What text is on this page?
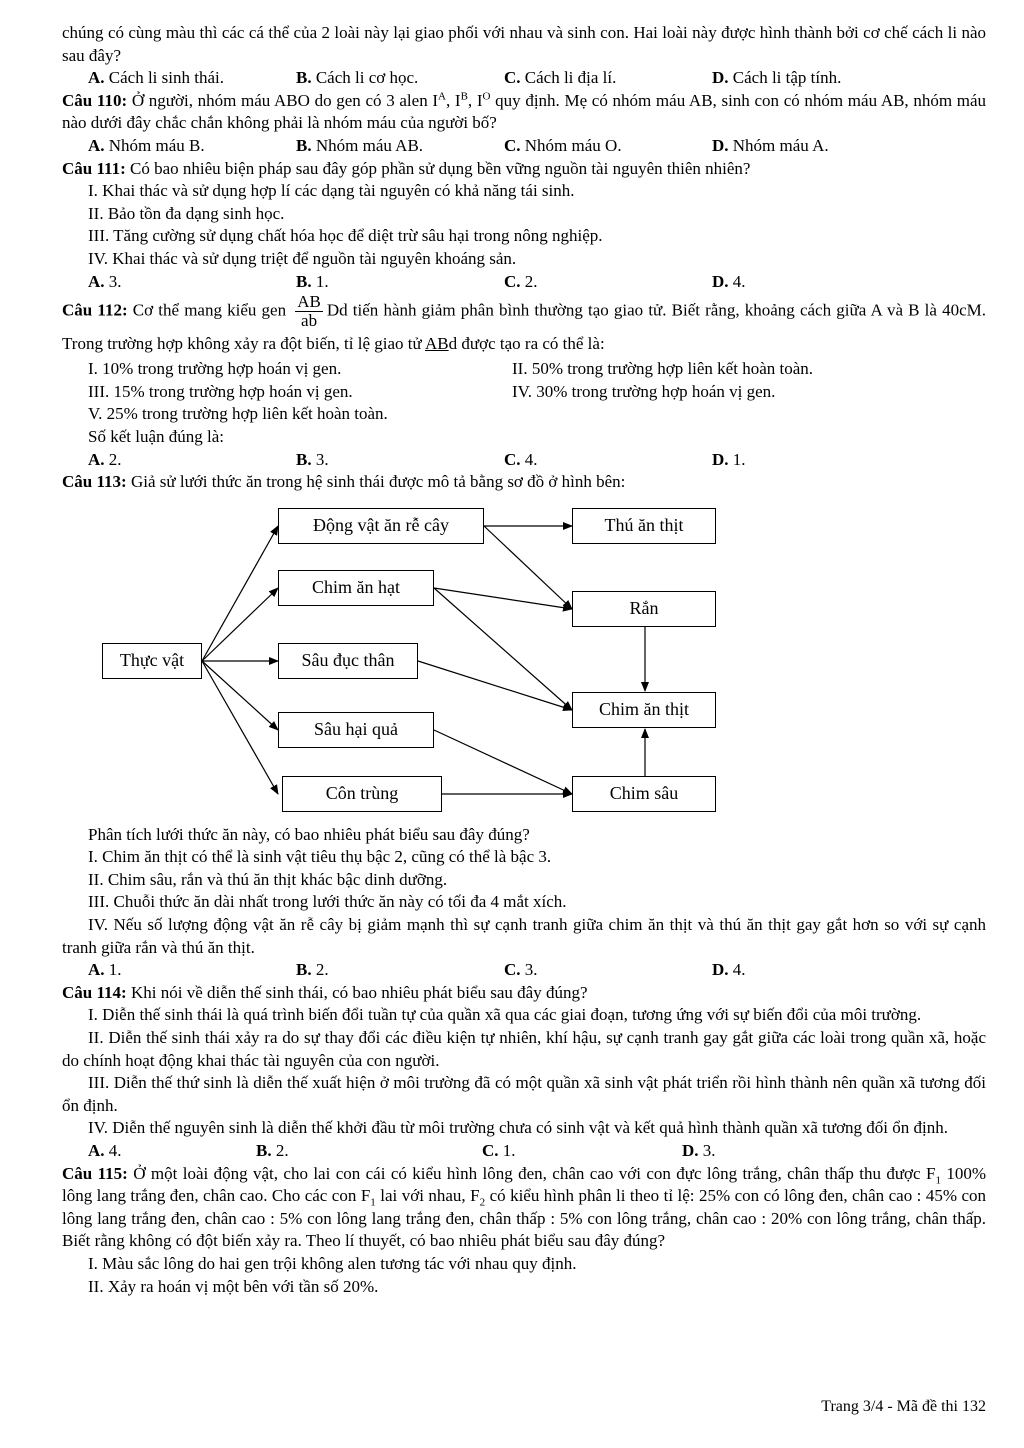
chúng có cùng màu thì các cá thể của 2 loài này lại giao phối với nhau và sinh con. Hai loài này được hình thành bởi cơ chế cách li nào sau đây?

A. Cách li sinh thái.	B. Cách li cơ học.	C. Cách li địa lí.	D. Cách li tập tính.

Câu 110: Ở người, nhóm máu ABO do gen có 3 alen $I^A$, $I^B$, $I^O$ quy định. Mẹ có nhóm máu AB, sinh con có nhóm máu AB, nhóm máu nào dưới đây chắc chắn không phải là nhóm máu của người bố?

A. Nhóm máu B.	B. Nhóm máu AB.	C. Nhóm máu O.	D. Nhóm máu A.

Câu 111: Có bao nhiêu biện pháp sau đây góp phần sử dụng bền vững nguồn tài nguyên thiên nhiên?

I. Khai thác và sử dụng hợp lí các dạng tài nguyên có khả năng tái sinh.

II. Bảo tồn đa dạng sinh học.

III. Tăng cường sử dụng chất hóa học để diệt trừ sâu hại trong nông nghiệp.

IV. Khai thác và sử dụng triệt để nguồn tài nguyên khoáng sản.

A. 3.	B. 1.	C. 2.	D. 4.

Câu 112: Cơ thể mang kiểu gen $\frac{AB}{ab}$ Dd tiến hành giảm phân bình thường tạo giao tử. Biết rằng, khoảng cách giữa A và B là 40cM. Trong trường hợp không xảy ra đột biến, tỉ lệ giao tử ABd được tạo ra có thể là:

I. 10% trong trường hợp hoán vị gen.	II. 50% trong trường hợp liên kết hoàn toàn.
III. 15% trong trường hợp hoán vị gen.	IV. 30% trong trường hợp hoán vị gen.

V. 25% trong trường hợp liên kết hoàn toàn.

Số kết luận đúng là:

A. 2.	B. 3.	C. 4.	D. 1.

Câu 113: Giả sử lưới thức ăn trong hệ sinh thái được mô tả bằng sơ đồ ở hình bên:

Thực vật
Động vật ăn rễ cây
Chim ăn hạt
Sâu đục thân
Sâu hại quả
Côn trùng
Thú ăn thịt
Rắn
Chim ăn thịt
Chim sâu

Phân tích lưới thức ăn này, có bao nhiêu phát biểu sau đây đúng?

I. Chim ăn thịt có thể là sinh vật tiêu thụ bậc 2, cũng có thể là bậc 3.

II. Chim sâu, rắn và thú ăn thịt khác bậc dinh dưỡng.

III. Chuỗi thức ăn dài nhất trong lưới thức ăn này có tối đa 4 mắt xích.

IV. Nếu số lượng động vật ăn rễ cây bị giảm mạnh thì sự cạnh tranh giữa chim ăn thịt và thú ăn thịt gay gắt hơn so với sự cạnh tranh giữa rắn và thú ăn thịt.

A. 1.	B. 2.	C. 3.	D. 4.

Câu 114: Khi nói về diễn thế sinh thái, có bao nhiêu phát biểu sau đây đúng?

I. Diễn thế sinh thái là quá trình biến đổi tuần tự của quần xã qua các giai đoạn, tương ứng với sự biến đổi của môi trường.

II. Diễn thế sinh thái xảy ra do sự thay đổi các điều kiện tự nhiên, khí hậu, sự cạnh tranh gay gắt giữa các loài trong quần xã, hoặc do chính hoạt động khai thác tài nguyên của con người.

III. Diễn thế thứ sinh là diễn thế xuất hiện ở môi trường đã có một quần xã sinh vật phát triển rồi hình thành nên quần xã tương đối ổn định.

IV. Diễn thế nguyên sinh là diễn thế khởi đầu từ môi trường chưa có sinh vật và kết quả hình thành quần xã tương đối ổn định.

A. 4.	B. 2.	C. 1.	D. 3.

Câu 115: Ở một loài động vật, cho lai con cái có kiểu hình lông đen, chân cao với con đực lông trắng, chân thấp thu được $F_1$ 100% lông lang trắng đen, chân cao. Cho các con $F_1$ lai với nhau, $F_2$ có kiểu hình phân li theo tỉ lệ: 25% con có lông đen, chân cao : 45% con lông lang trắng đen, chân cao : 5% con lông lang trắng đen, chân thấp : 5% con lông trắng, chân cao : 20% con lông trắng, chân thấp. Biết rằng không có đột biến xảy ra. Theo lí thuyết, có bao nhiêu phát biểu sau đây đúng?

I. Màu sắc lông do hai gen trội không alen tương tác với nhau quy định.

II. Xảy ra hoán vị một bên với tần số 20%.

Trang 3/4 - Mã đề thi 132
